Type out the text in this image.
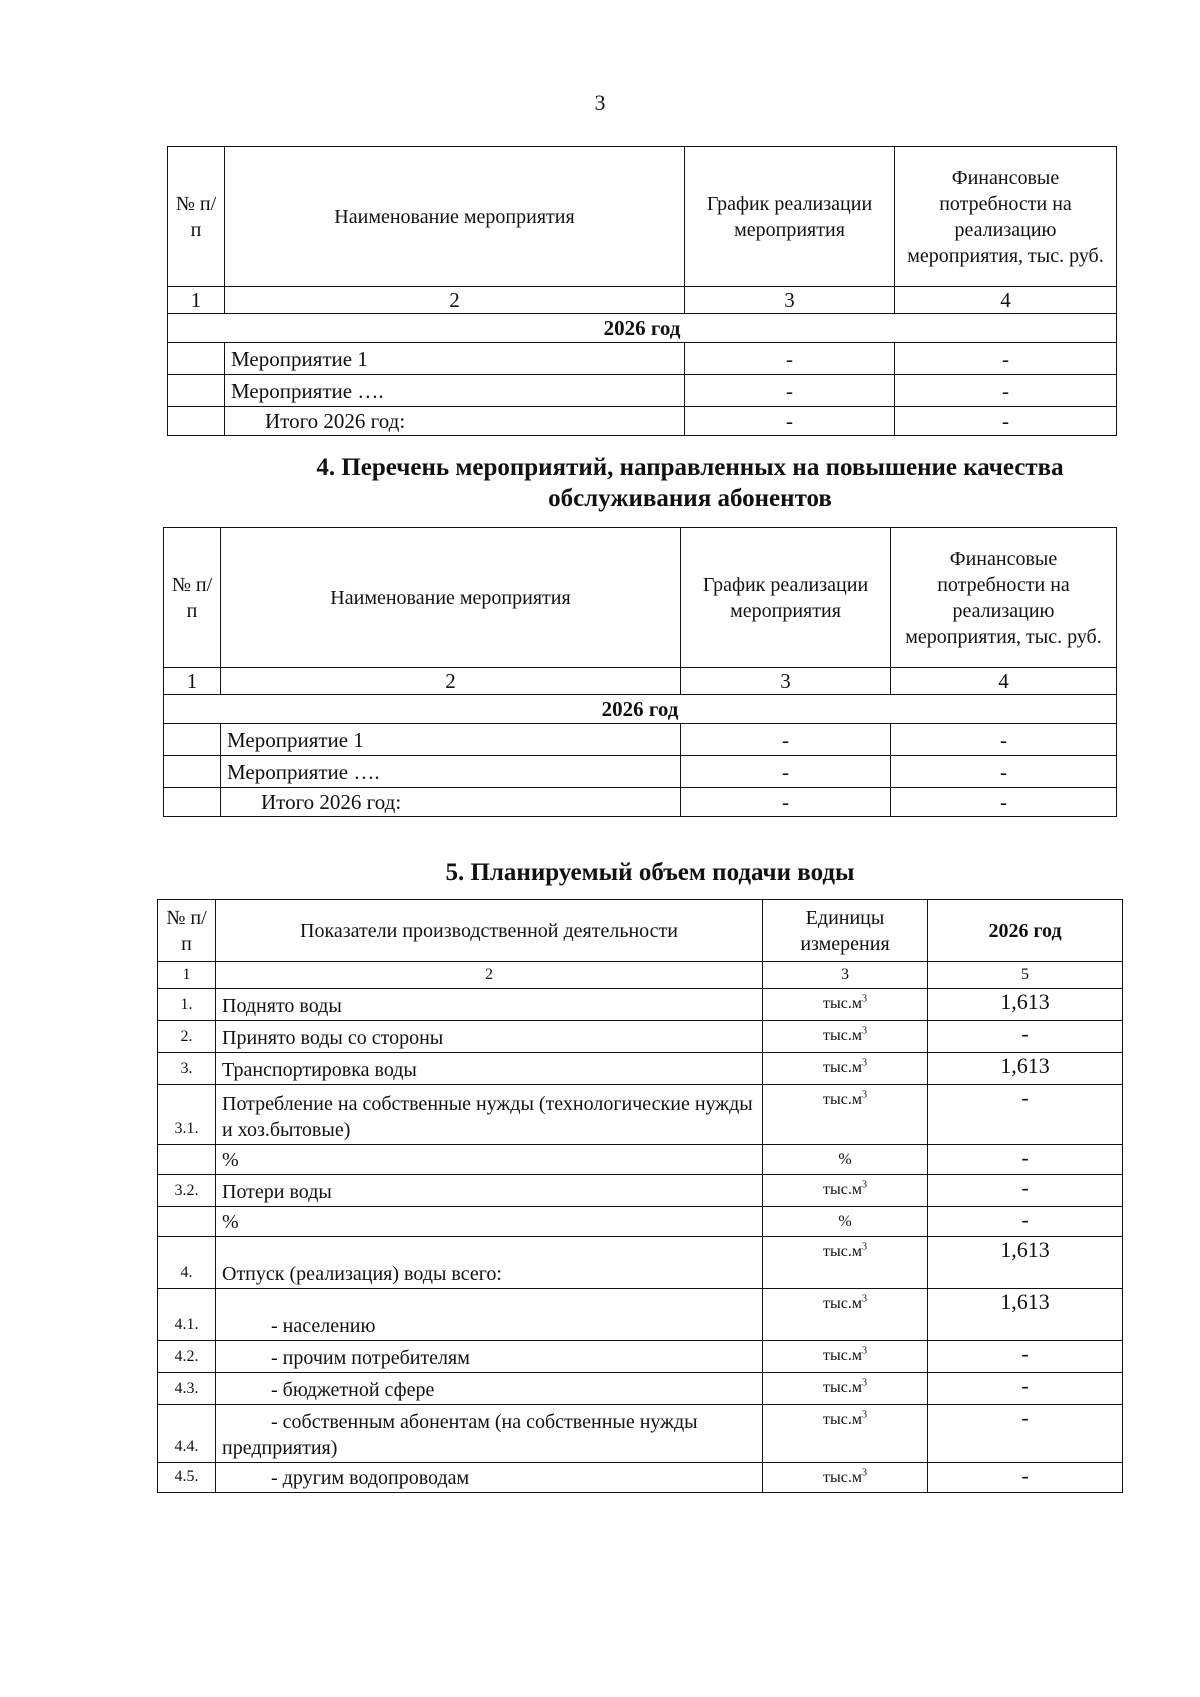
3
№ п/п	Наименование мероприятия	График реализации мероприятия	Финансовые потребности на реализацию мероприятия, тыс. руб.
1	2	3	4
2026 год			
	Мероприятие 1	-	-
	Мероприятие ….	-	-
	Итого 2026 год:	-	-
4. Перечень мероприятий, направленных на повышение качества обслуживания абонентов
№ п/п	Наименование мероприятия	График реализации мероприятия	Финансовые потребности на реализацию мероприятия, тыс. руб.
1	2	3	4
2026 год			
	Мероприятие 1	-	-
	Мероприятие ….	-	-
	Итого 2026 год:	-	-
5. Планируемый объем подачи воды
№ п/п	Показатели производственной деятельности	Единицы измерения	2026 год
1	2	3	5
1.	Поднято воды	$тыс.м^3$	1,613
2.	Принято воды со стороны	$тыс.м^3$	-
3.	Транспортировка воды	$тыс.м^3$	1,613
3.1.	Потребление на собственные нужды (технологические нужды и хоз.бытовые)	$тыс.м^3$	-
	%	%	-
3.2.	Потери воды	$тыс.м^3$	-
	%	%	-
4.	Отпуск (реализация) воды всего:	$тыс.м^3$	1,613
4.1.	- населению	$тыс.м^3$	1,613
4.2.	- прочим потребителям	$тыс.м^3$	-
4.3.	- бюджетной сфере	$тыс.м^3$	-
4.4.	- собственным абонентам (на собственные нужды предприятия)	$тыс.м^3$	-
4.5.	- другим водопроводам	$тыс.м^3$	-
